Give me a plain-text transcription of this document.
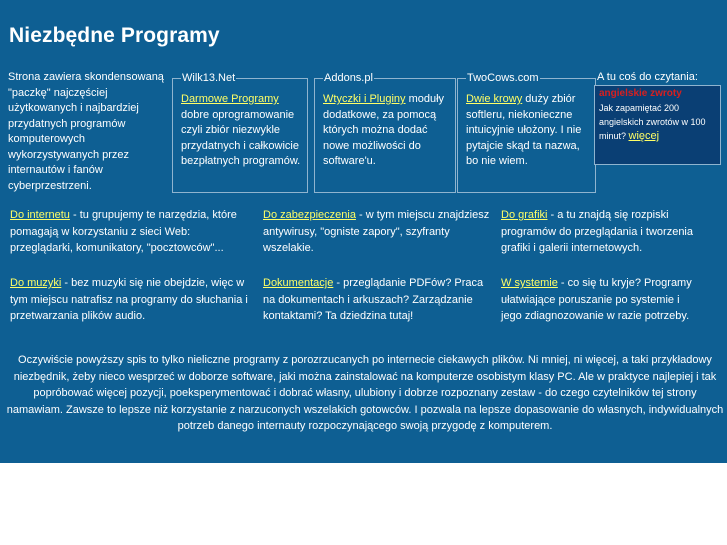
Niezbędne Programy
Strona zawiera skondensowaną "paczkę" najczęściej użytkowanych i najbardziej przydatnych programów komputerowych wykorzystywanych przez internautów i fanów cyberprzestrzeni.
Wilk13.Net
Darmowe Programy dobre oprogramowanie czyli zbiór niezwykle przydatnych i całkowicie bezpłatnych programów.
Addons.pl
Wtyczki i Pluginy moduły dodatkowe, za pomocą których można dodać nowe możliwości do software'u.
TwoCows.com
Dwie krowy duży zbiór softleru, niekonieczne intuicyjnie ułożony. I nie pytajcie skąd ta nazwa, bo nie wiem.
A tu coś do czytania:
angielskie zwroty
Jak zapamiętać 200 angielskich zwrotów w 100 minut? więcej
Do internetu - tu grupujemy te narzędzia, które pomagają w korzystaniu z sieci Web: przeglądarki, komunikatory, "pocztowców"...
Do zabezpieczenia - w tym miejscu znajdziesz antywirusy, "ogniste zapory", szyfranty wszelakie.
Do grafiki - a tu znajdą się rozpiski programów do przeglądania i tworzenia grafiki i galerii internetowych.
Do muzyki - bez muzyki się nie obejdzie, więc w tym miejscu natrafisz na programy do słuchania i przetwarzania plików audio.
Dokumentacje - przeglądanie PDFów? Praca na dokumentach i arkuszach? Zarządzanie kontaktami? Ta dziedzina tutaj!
W systemie - co się tu kryje? Programy ułatwiające poruszanie po systemie i jego zdiagnozowanie w razie potrzeby.
Oczywiście powyższy spis to tylko nieliczne programy z porozrzucanych po internecie ciekawych plików. Ni mniej, ni więcej, a taki przykładowy niezbędnik, żeby nieco wesprzeć w doborze software, jaki można zainstalować na komputerze osobistym klasy PC. Ale w praktyce najlepiej i tak popróbować więcej pozycji, poeksperymentować i dobrać własny, ulubiony i dobrze rozpoznany zestaw - do czego czytelników tej strony namawiam. Zawsze to lepsze niż korzystanie z narzuconych wszelakich gotowców. I pozwala na lepsze dopasowanie do własnych, indywidualnych potrzeb danego internauty rozpoczynającego swoją przygodę z komputerem.
